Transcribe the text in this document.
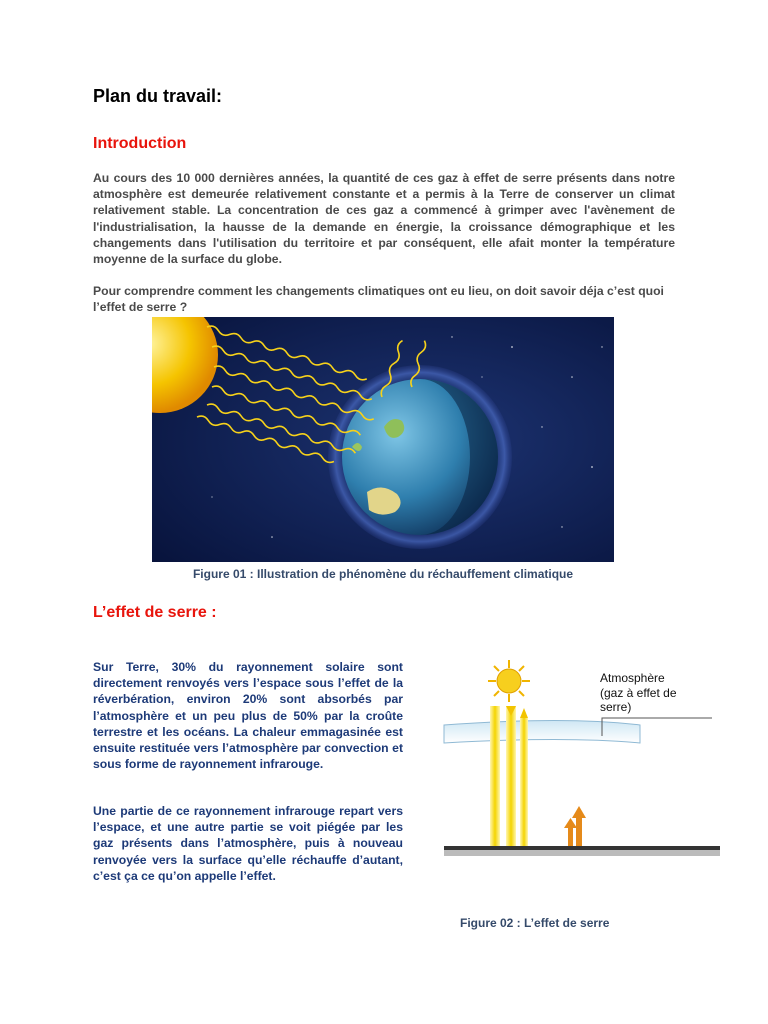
Plan du travail:
Introduction
Au cours des 10 000 dernières années, la quantité de ces gaz à effet de serre présents dans notre atmosphère est demeurée relativement constante et a permis à la Terre de conserver un climat relativement stable. La concentration de ces gaz a commencé à grimper avec l'avènement de l'industrialisation, la hausse de la demande en énergie, la croissance démographique et les changements dans l'utilisation du territoire et par conséquent, elle afait monter la température moyenne de la surface du globe.
Pour comprendre comment les changements climatiques ont eu lieu, on doit savoir déja c’est quoi l’effet de serre ?
Figure 01 : Illustration de phénomène du réchauffement climatique
L’effet de serre :
Sur Terre, 30% du rayonnement solaire sont directement renvoyés vers l’espace sous l’effet de la réverbération, environ 20% sont absorbés par l’atmosphère et un peu plus de 50% par la croûte terrestre et les océans. La chaleur emmagasinée est ensuite restituée vers l’atmosphère par convection et sous forme de rayonnement infrarouge.
Une partie de ce rayonnement infrarouge repart vers l’espace, et une autre partie se voit piégée par les gaz présents dans l’atmosphère, puis à nouveau renvoyée vers la surface qu’elle réchauffe d’autant, c’est ça ce qu’on appelle l’effet.
Atmosphère
(gaz à effet de
serre)
Figure 02 : L’effet de serre
